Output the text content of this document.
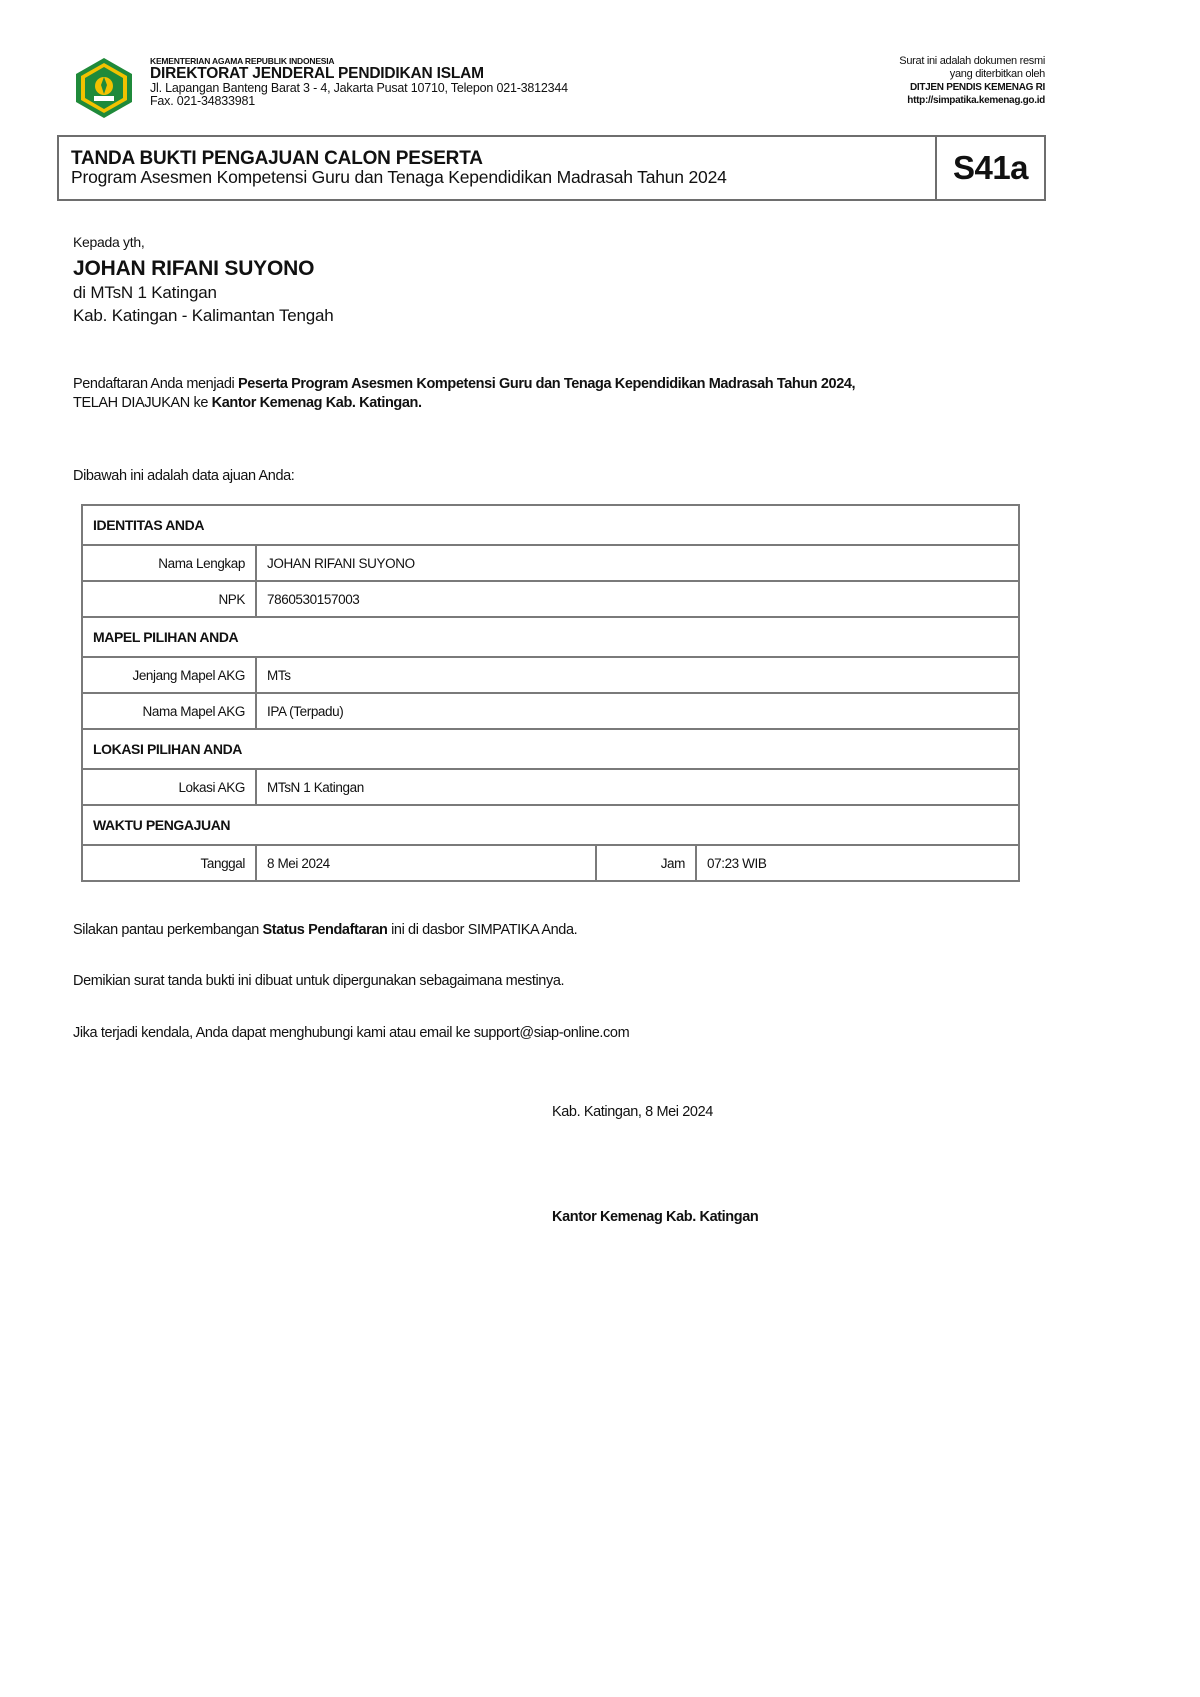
KEMENTERIAN AGAMA REPUBLIK INDONESIA
DIREKTORAT JENDERAL PENDIDIKAN ISLAM
Jl. Lapangan Banteng Barat 3 - 4, Jakarta Pusat 10710, Telepon 021-3812344
Fax. 021-34833981
Surat ini adalah dokumen resmi
yang diterbitkan oleh
DITJEN PENDIS KEMENAG RI
http://simpatika.kemenag.go.id
TANDA BUKTI PENGAJUAN CALON PESERTA
Program Asesmen Kompetensi Guru dan Tenaga Kependidikan Madrasah Tahun 2024	S41a
Kepada yth,
JOHAN RIFANI SUYONO
di MTsN 1 Katingan
Kab. Katingan - Kalimantan Tengah
Pendaftaran Anda menjadi Peserta Program Asesmen Kompetensi Guru dan Tenaga Kependidikan Madrasah Tahun 2024,
TELAH DIAJUKAN ke Kantor Kemenag Kab. Katingan.
Dibawah ini adalah data ajuan Anda:
IDENTITAS ANDA			
Nama Lengkap	JOHAN RIFANI SUYONO		
NPK	7860530157003		
MAPEL PILIHAN ANDA			
Jenjang Mapel AKG	MTs		
Nama Mapel AKG	IPA (Terpadu)		
LOKASI PILIHAN ANDA			
Lokasi AKG	MTsN 1 Katingan		
WAKTU PENGAJUAN			
Tanggal	8 Mei 2024	Jam	07:23 WIB
Silakan pantau perkembangan Status Pendaftaran ini di dasbor SIMPATIKA Anda.
Demikian surat tanda bukti ini dibuat untuk dipergunakan sebagaimana mestinya.
Jika terjadi kendala, Anda dapat menghubungi kami atau email ke support@siap-online.com
Kab. Katingan, 8 Mei 2024
Kantor Kemenag Kab. Katingan
